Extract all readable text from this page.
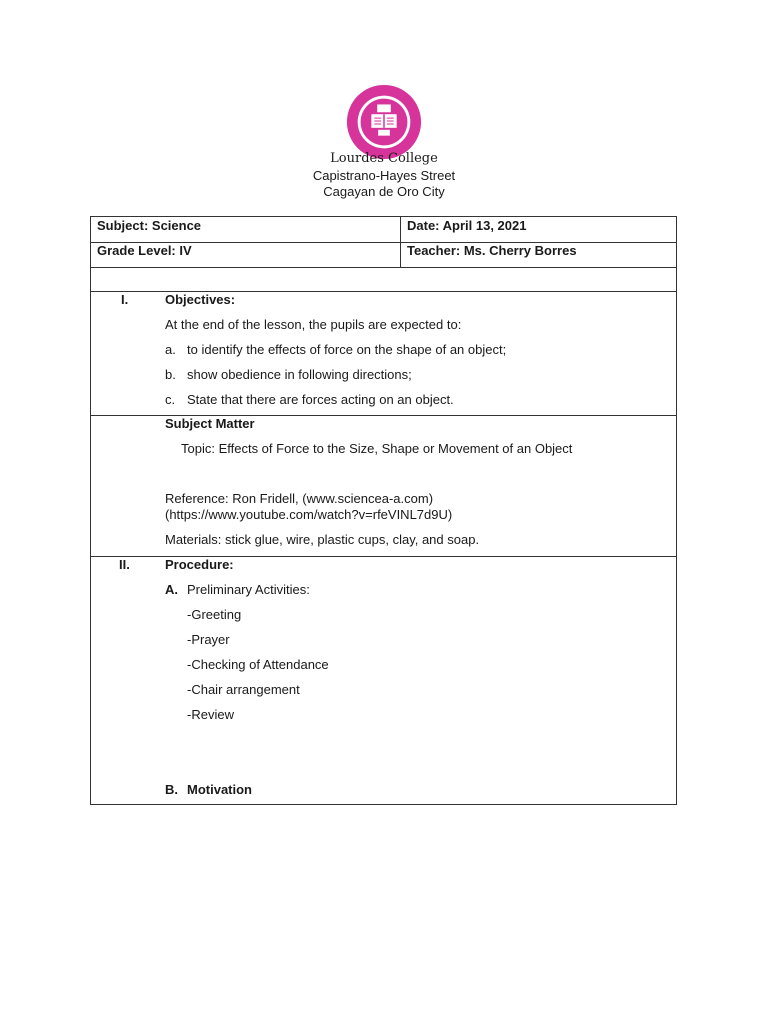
Lourdes College
Capistrano-Hayes Street
Cagayan de Oro City
Subject: Science	Date: April 13, 2021
Grade Level: IV	Teacher: Ms. Cherry Borres
I.	Objectives:
At the end of the lesson, the pupils are expected to:
a. to identify the effects of force on the shape of an object;
b. show obedience in following directions;
c. State that there are forces acting on an object.
Subject Matter
Topic: Effects of Force to the Size, Shape or Movement of an Object
Reference: Ron Fridell, (www.sciencea-a.com)
(https://www.youtube.com/watch?v=rfeVINL7d9U)
Materials: stick glue, wire, plastic cups, clay, and soap.
II.	Procedure:
A. Preliminary Activities:
-Greeting
-Prayer
-Checking of Attendance
-Chair arrangement
-Review
B. Motivation
